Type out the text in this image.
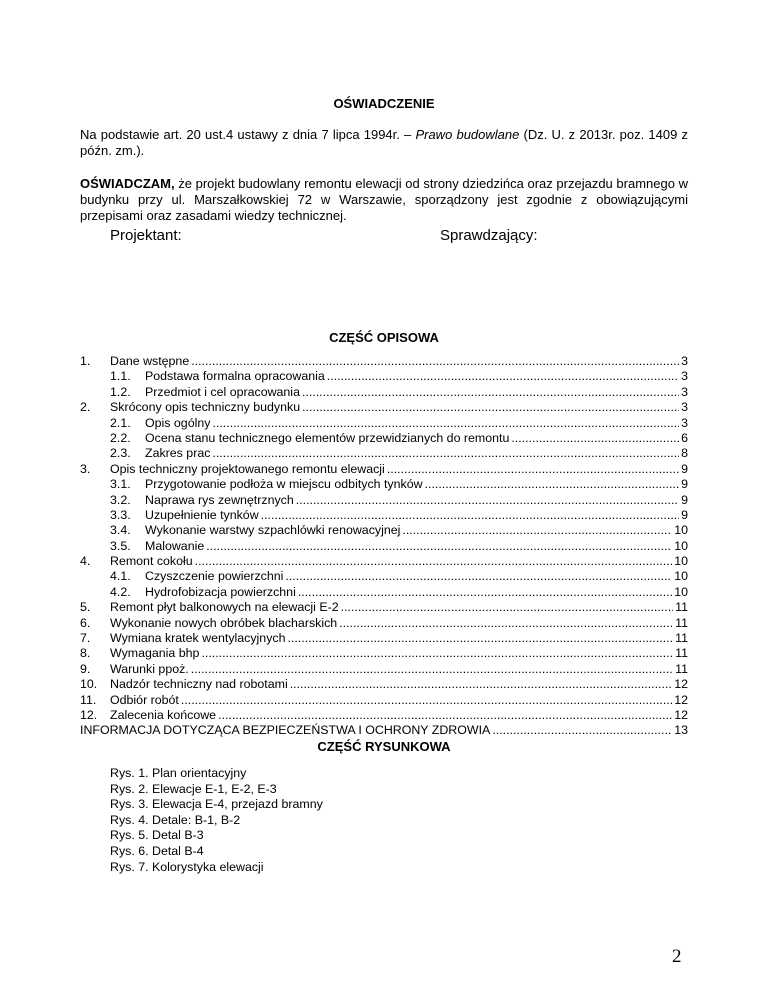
OŚWIADCZENIE
Na podstawie art. 20 ust.4 ustawy z dnia 7 lipca 1994r. – Prawo budowlane (Dz. U. z 2013r. poz. 1409 z późn. zm.).
OŚWIADCZAM, że projekt budowlany remontu elewacji od strony dziedzińca oraz przejazdu bramnego w budynku przy ul. Marszałkowskiej 72 w Warszawie, sporządzony jest zgodnie z obowiązującymi przepisami oraz zasadami wiedzy technicznej.
Projektant:	Sprawdzający:
CZĘŚĆ OPISOWA
1.	Dane wstępne .....	3
1.1.	Podstawa formalna opracowania .....	3
1.2.	Przedmiot i cel opracowania .....	3
2.	Skrócony opis techniczny budynku .....	3
2.1.	Opis ogólny .....	3
2.2.	Ocena stanu technicznego elementów przewidzianych do remontu .....	6
2.3.	Zakres prac .....	8
3.	Opis techniczny projektowanego remontu elewacji .....	9
3.1.	Przygotowanie podłoża w miejscu odbitych tynków .....	9
3.2.	Naprawa rys zewnętrznych .....	9
3.3.	Uzupełnienie tynków .....	9
3.4.	Wykonanie warstwy szpachlówki renowacyjnej .....	10
3.5.	Malowanie .....	10
4.	Remont cokołu .....	10
4.1.	Czyszczenie powierzchni .....	10
4.2.	Hydrofobizacja powierzchni .....	10
5.	Remont płyt balkonowych na elewacji E-2 .....	11
6.	Wykonanie nowych obróbek blacharskich .....	11
7.	Wymiana kratek wentylacyjnych .....	11
8.	Wymagania bhp .....	11
9.	Warunki ppoż. .....	11
10.	Nadzór techniczny nad robotami .....	12
11.	Odbiór robót .....	12
12.	Zalecenia końcowe .....	12
INFORMACJA DOTYCZĄCA BEZPIECZEŃSTWA I OCHRONY ZDROWIA .....	13
CZĘŚĆ RYSUNKOWA
Rys. 1. Plan orientacyjny
Rys. 2. Elewacje E-1, E-2, E-3
Rys. 3. Elewacja E-4, przejazd bramny
Rys. 4. Detale: B-1, B-2
Rys. 5. Detal B-3
Rys. 6. Detal B-4
Rys. 7. Kolorystyka elewacji
2
